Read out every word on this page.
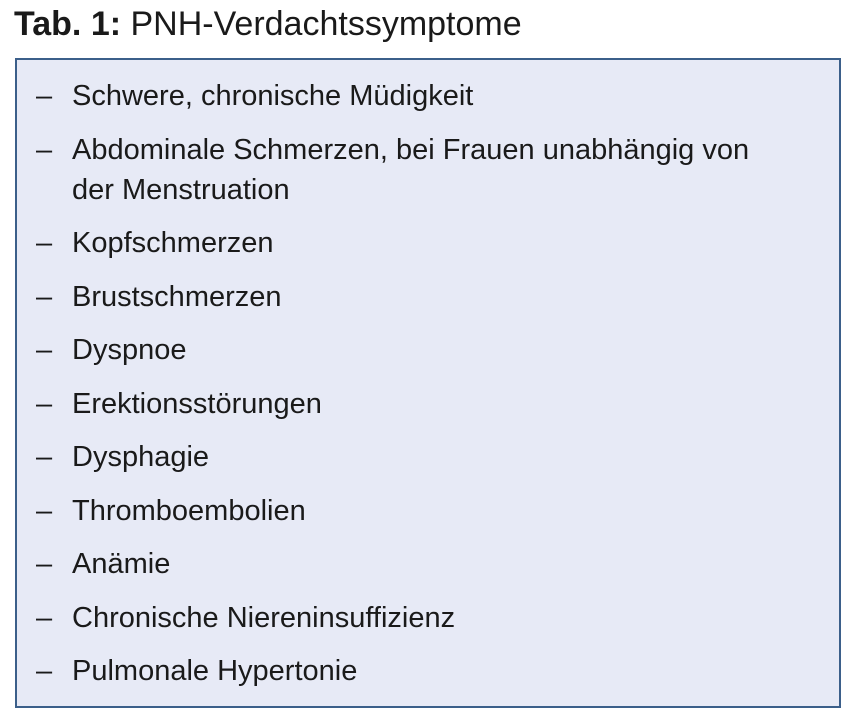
Tab. 1: PNH-Verdachtssymptome
– Schwere, chronische Müdigkeit
– Abdominale Schmerzen, bei Frauen unabhängig von der Menstruation
– Kopfschmerzen
– Brustschmerzen
– Dyspnoe
– Erektionsstörungen
– Dysphagie
– Thromboembolien
– Anämie
– Chronische Niereninsuffizienz
– Pulmonale Hypertonie
